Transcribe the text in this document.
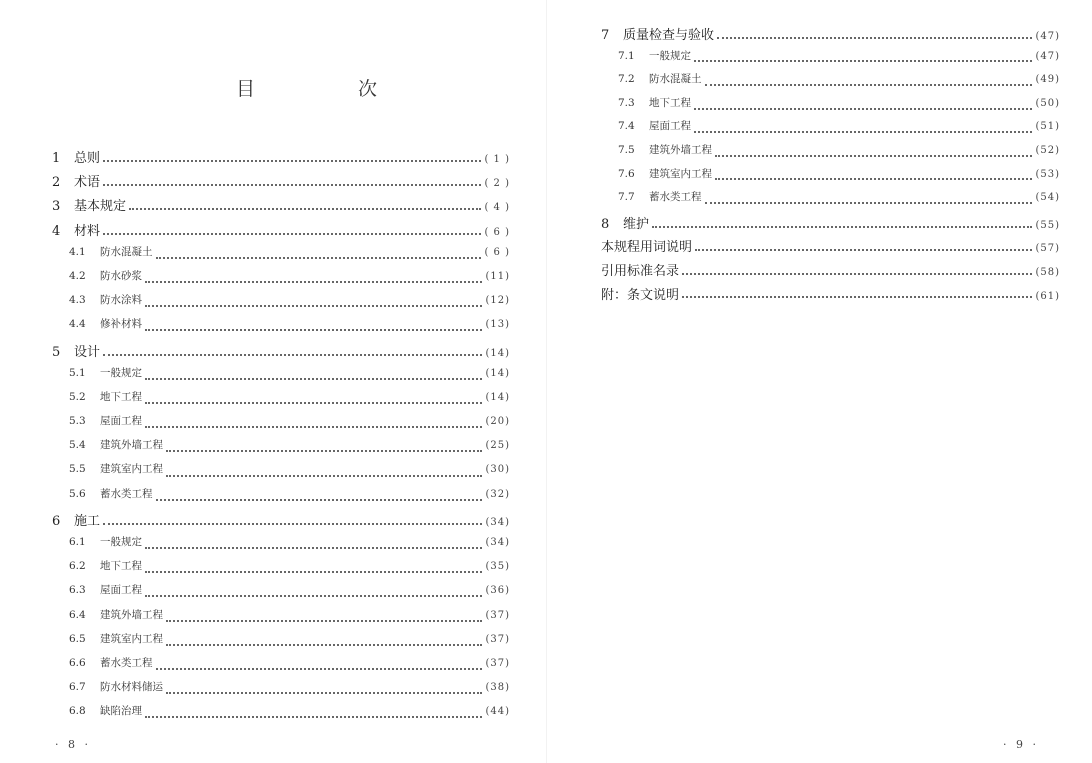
目　次
1	总则	( 1 )
2	术语	( 2 )
3	基本规定	( 4 )
4	材料	( 6 )
4.1	防水混凝土	( 6 )
4.2	防水砂浆	(11)
4.3	防水涂料	(12)
4.4	修补材料	(13)
5	设计	(14)
5.1	一般规定	(14)
5.2	地下工程	(14)
5.3	屋面工程	(20)
5.4	建筑外墙工程	(25)
5.5	建筑室内工程	(30)
5.6	蓄水类工程	(32)
6	施工	(34)
6.1	一般规定	(34)
6.2	地下工程	(35)
6.3	屋面工程	(36)
6.4	建筑外墙工程	(37)
6.5	建筑室内工程	(37)
6.6	蓄水类工程	(37)
6.7	防水材料储运	(38)
6.8	缺陷治理	(44)
· 8 ·
7	质量检查与验收	(47)
7.1	一般规定	(47)
7.2	防水混凝土	(49)
7.3	地下工程	(50)
7.4	屋面工程	(51)
7.5	建筑外墙工程	(52)
7.6	建筑室内工程	(53)
7.7	蓄水类工程	(54)
8	维护	(55)
本规程用词说明	(57)
引用标准名录	(58)
附：条文说明	(61)
· 9 ·
